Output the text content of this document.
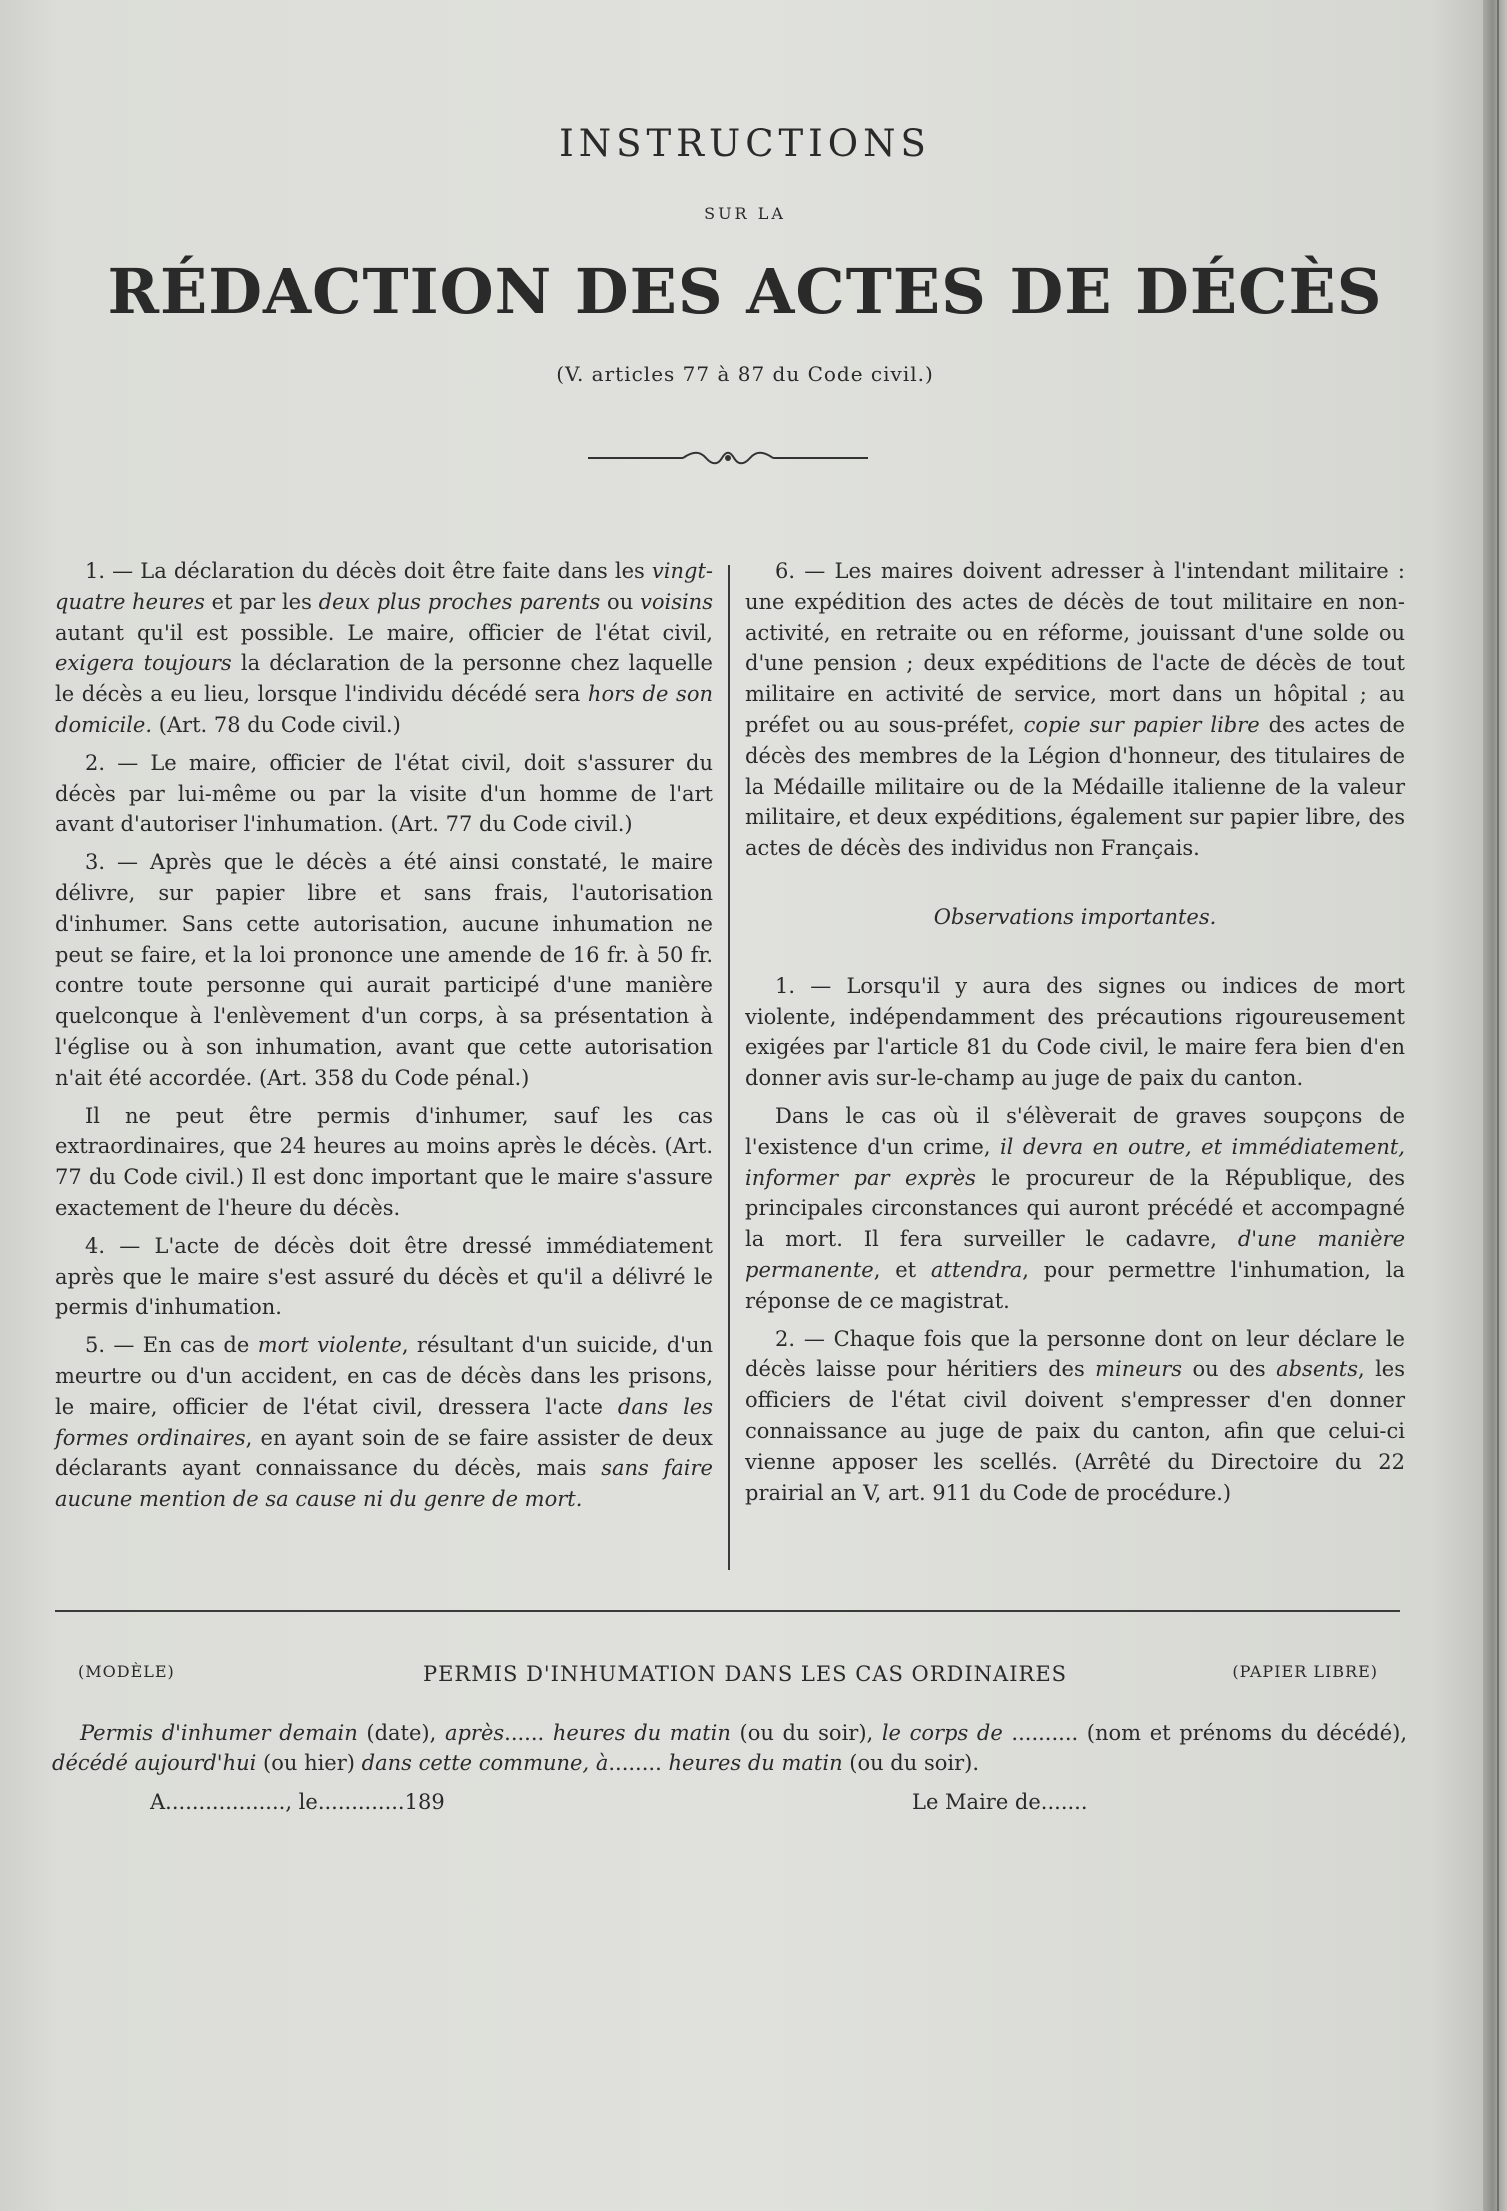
INSTRUCTIONS
SUR LA
RÉDACTION DES ACTES DE DÉCÈS
(V. articles 77 à 87 du Code civil.)

1. — La déclaration du décès doit être faite dans les vingt-quatre heures et par les deux plus proches parents ou voisins autant qu'il est possible. Le maire, officier de l'état civil, exigera toujours la déclaration de la personne chez laquelle le décès a eu lieu, lorsque l'individu décédé sera hors de son domicile. (Art. 78 du Code civil.)

2. — Le maire, officier de l'état civil, doit s'assurer du décès par lui-même ou par la visite d'un homme de l'art avant d'autoriser l'inhumation. (Art. 77 du Code civil.)

3. — Après que le décès a été ainsi constaté, le maire délivre, sur papier libre et sans frais, l'autorisation d'inhumer. Sans cette autorisation, aucune inhumation ne peut se faire, et la loi prononce une amende de 16 fr. à 50 fr. contre toute personne qui aurait participé d'une manière quelconque à l'enlèvement d'un corps, à sa présentation à l'église ou à son inhumation, avant que cette autorisation n'ait été accordée. (Art. 358 du Code pénal.)

Il ne peut être permis d'inhumer, sauf les cas extraordinaires, que 24 heures au moins après le décès. (Art. 77 du Code civil.) Il est donc important que le maire s'assure exactement de l'heure du décès.

4. — L'acte de décès doit être dressé immédiatement après que le maire s'est assuré du décès et qu'il a délivré le permis d'inhumation.

5. — En cas de mort violente, résultant d'un suicide, d'un meurtre ou d'un accident, en cas de décès dans les prisons, le maire, officier de l'état civil, dressera l'acte dans les formes ordinaires, en ayant soin de se faire assister de deux déclarants ayant connaissance du décès, mais sans faire aucune mention de sa cause ni du genre de mort.

6. — Les maires doivent adresser à l'intendant militaire : une expédition des actes de décès de tout militaire en non-activité, en retraite ou en réforme, jouissant d'une solde ou d'une pension ; deux expéditions de l'acte de décès de tout militaire en activité de service, mort dans un hôpital ; au préfet ou au sous-préfet, copie sur papier libre des actes de décès des membres de la Légion d'honneur, des titulaires de la Médaille militaire ou de la Médaille italienne de la valeur militaire, et deux expéditions, également sur papier libre, des actes de décès des individus non Français.

Observations importantes.

1. — Lorsqu'il y aura des signes ou indices de mort violente, indépendamment des précautions rigoureusement exigées par l'article 81 du Code civil, le maire fera bien d'en donner avis sur-le-champ au juge de paix du canton.

Dans le cas où il s'élèverait de graves soupçons de l'existence d'un crime, il devra en outre, et immédiatement, informer par exprès le procureur de la République, des principales circonstances qui auront précédé et accompagné la mort. Il fera surveiller le cadavre, d'une manière permanente, et attendra, pour permettre l'inhumation, la réponse de ce magistrat.

2. — Chaque fois que la personne dont on leur déclare le décès laisse pour héritiers des mineurs ou des absents, les officiers de l'état civil doivent s'empresser d'en donner connaissance au juge de paix du canton, afin que celui-ci vienne apposer les scellés. (Arrêté du Directoire du 22 prairial an V, art. 911 du Code de procédure.)

PERMIS D'INHUMATION DANS LES CAS ORDINAIRES
(MODÈLE)	(PAPIER LIBRE)

Permis d'inhumer demain (date), après...... heures du matin (ou du soir), le corps de .......... (nom et prénoms du décédé), décédé aujourd'hui (ou hier) dans cette commune, à........ heures du matin (ou du soir).

A.................., le.............189	Le Maire de.......
